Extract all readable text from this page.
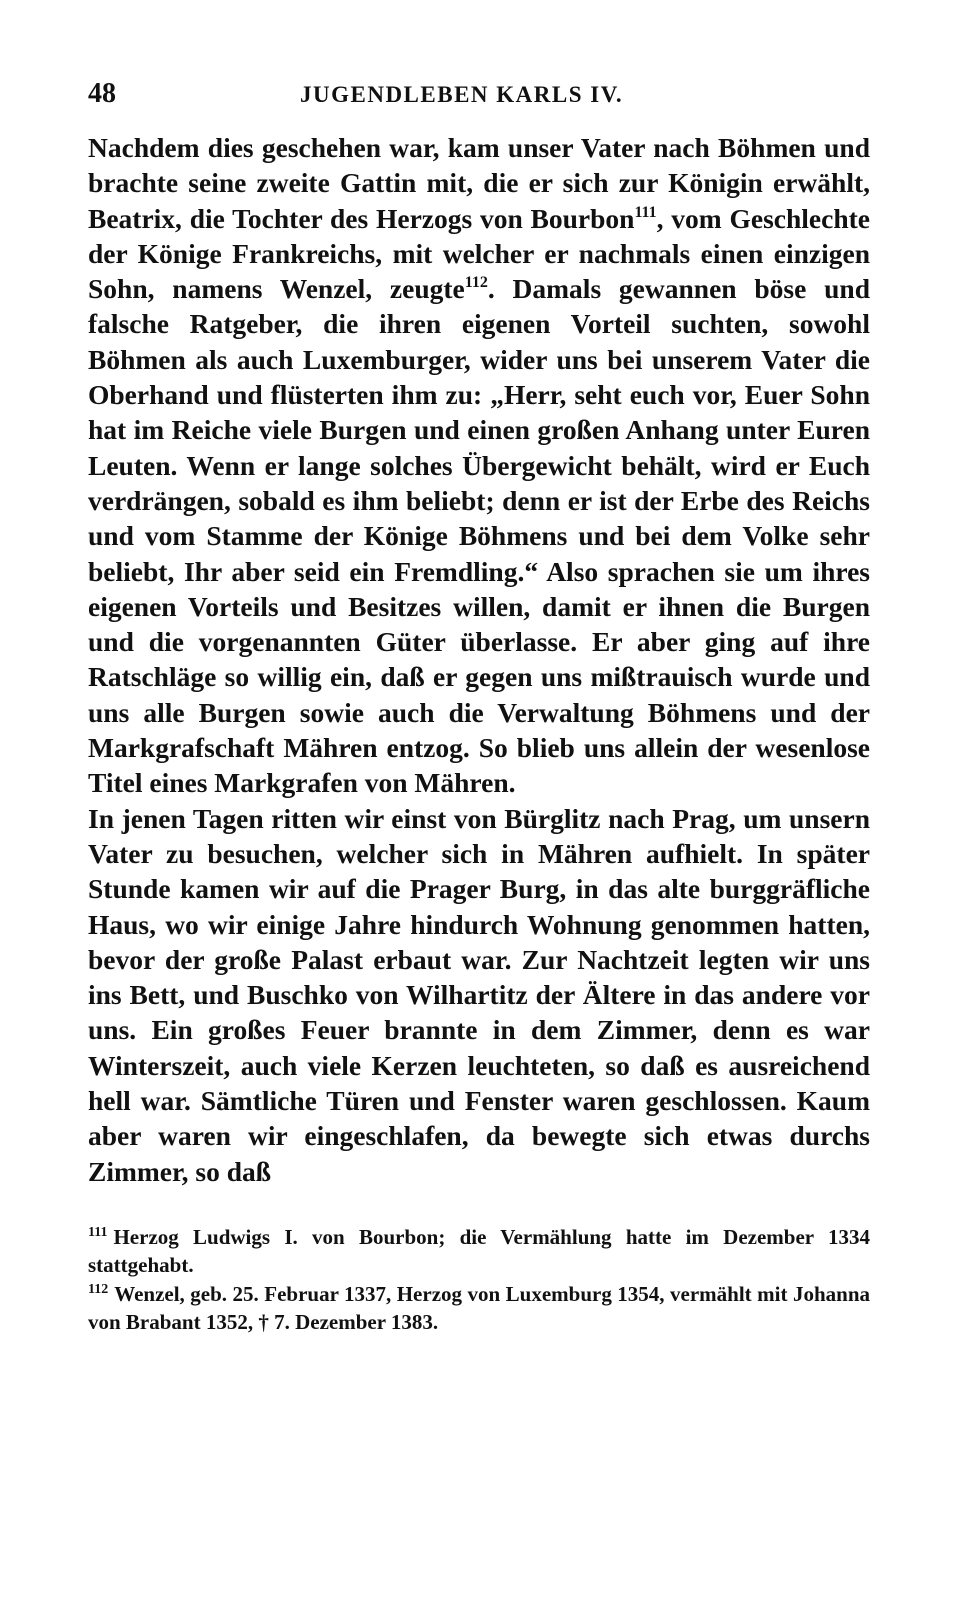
48	JUGENDLEBEN KARLS IV.

Nachdem dies geschehen war, kam unser Vater nach Böhmen und brachte seine zweite Gattin mit, die er sich zur Königin erwählt, Beatrix, die Tochter des Herzogs von Bourbon$^{111}$, vom Geschlechte der Könige Frankreichs, mit welcher er nachmals einen einzigen Sohn, namens Wenzel, zeugte$^{112}$. Damals gewannen böse und falsche Ratgeber, die ihren eigenen Vorteil suchten, sowohl Böhmen als auch Luxemburger, wider uns bei unserem Vater die Oberhand und flüsterten ihm zu: „Herr, seht euch vor, Euer Sohn hat im Reiche viele Burgen und einen großen Anhang unter Euren Leuten. Wenn er lange solches Übergewicht behält, wird er Euch verdrängen, sobald es ihm beliebt; denn er ist der Erbe des Reichs und vom Stamme der Könige Böhmens und bei dem Volke sehr beliebt, Ihr aber seid ein Fremdling.“ Also sprachen sie um ihres eigenen Vorteils und Besitzes willen, damit er ihnen die Burgen und die vorgenannten Güter überlasse. Er aber ging auf ihre Ratschläge so willig ein, daß er gegen uns mißtrauisch wurde und uns alle Burgen sowie auch die Verwaltung Böhmens und der Markgrafschaft Mähren entzog. So blieb uns allein der wesenlose Titel eines Markgrafen von Mähren.

In jenen Tagen ritten wir einst von Bürglitz nach Prag, um unsern Vater zu besuchen, welcher sich in Mähren aufhielt. In später Stunde kamen wir auf die Prager Burg, in das alte burggräfliche Haus, wo wir einige Jahre hindurch Wohnung genommen hatten, bevor der große Palast erbaut war. Zur Nachtzeit legten wir uns ins Bett, und Buschko von Wilhartitz der Ältere in das andere vor uns. Ein großes Feuer brannte in dem Zimmer, denn es war Winterszeit, auch viele Kerzen leuchteten, so daß es ausreichend hell war. Sämtliche Türen und Fenster waren geschlossen. Kaum aber waren wir eingeschlafen, da bewegte sich etwas durchs Zimmer, so daß

$^{111}$ Herzog Ludwigs I. von Bourbon; die Vermählung hatte im Dezember 1334 stattgehabt.

$^{112}$ Wenzel, geb. 25. Februar 1337, Herzog von Luxemburg 1354, vermählt mit Johanna von Brabant 1352, † 7. Dezember 1383.
